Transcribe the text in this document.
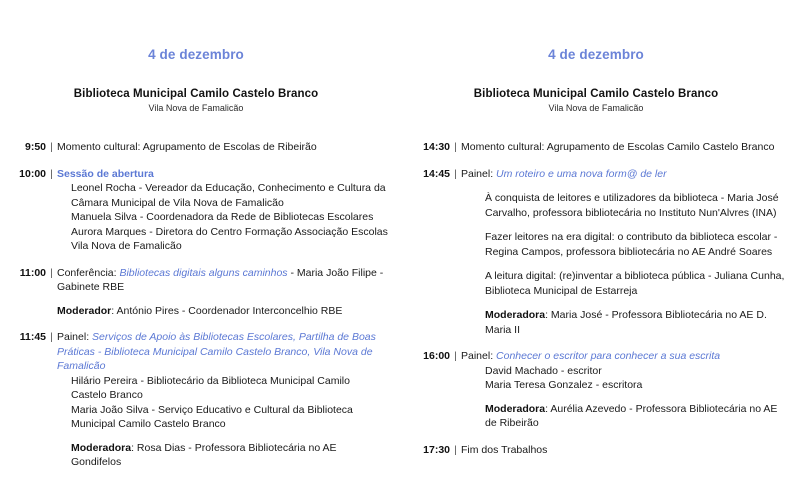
4 de dezembro
Biblioteca Municipal Camilo Castelo Branco
Vila Nova de Famalicão
9:50 | Momento cultural: Agrupamento de Escolas de Ribeirão
10:00 | Sessão de abertura
Leonel Rocha - Vereador da Educação, Conhecimento e Cultura da Câmara Municipal de Vila Nova de Famalicão
Manuela Silva - Coordenadora da Rede de Bibliotecas Escolares
Aurora Marques - Diretora do Centro Formação Associação Escolas Vila Nova de Famalicão
11:00 | Conferência: Bibliotecas digitais alguns caminhos - Maria João Filipe - Gabinete RBE
Moderador: António Pires - Coordenador Interconcelhio RBE
11:45 | Painel: Serviços de Apoio às Bibliotecas Escolares, Partilha de Boas Práticas - Biblioteca Municipal Camilo Castelo Branco, Vila Nova de Famalicão
Hilário Pereira - Bibliotecário da Biblioteca Municipal Camilo Castelo Branco
Maria João Silva - Serviço Educativo e Cultural da Biblioteca Municipal Camilo Castelo Branco
Moderadora: Rosa Dias - Professora Bibliotecária no AE Gondifelos
4 de dezembro
Biblioteca Municipal Camilo Castelo Branco
Vila Nova de Famalicão
14:30 | Momento cultural: Agrupamento de Escolas Camilo Castelo Branco
14:45 | Painel: Um roteiro e uma nova form@ de ler
À conquista de leitores e utilizadores da biblioteca - Maria José Carvalho, professora bibliotecária no Instituto Nun'Alvres (INA)
Fazer leitores na era digital: o contributo da biblioteca escolar - Regina Campos, professora bibliotecária no AE André Soares
A leitura digital: (re)inventar a biblioteca pública - Juliana Cunha, Biblioteca Municipal de Estarreja
Moderadora: Maria José - Professora Bibliotecária no AE D. Maria II
16:00 | Painel: Conhecer o escritor para conhecer a sua escrita
David Machado - escritor
Maria Teresa Gonzalez - escritora
Moderadora: Aurélia Azevedo - Professora Bibliotecária no AE de Ribeirão
17:30 | Fim dos Trabalhos
